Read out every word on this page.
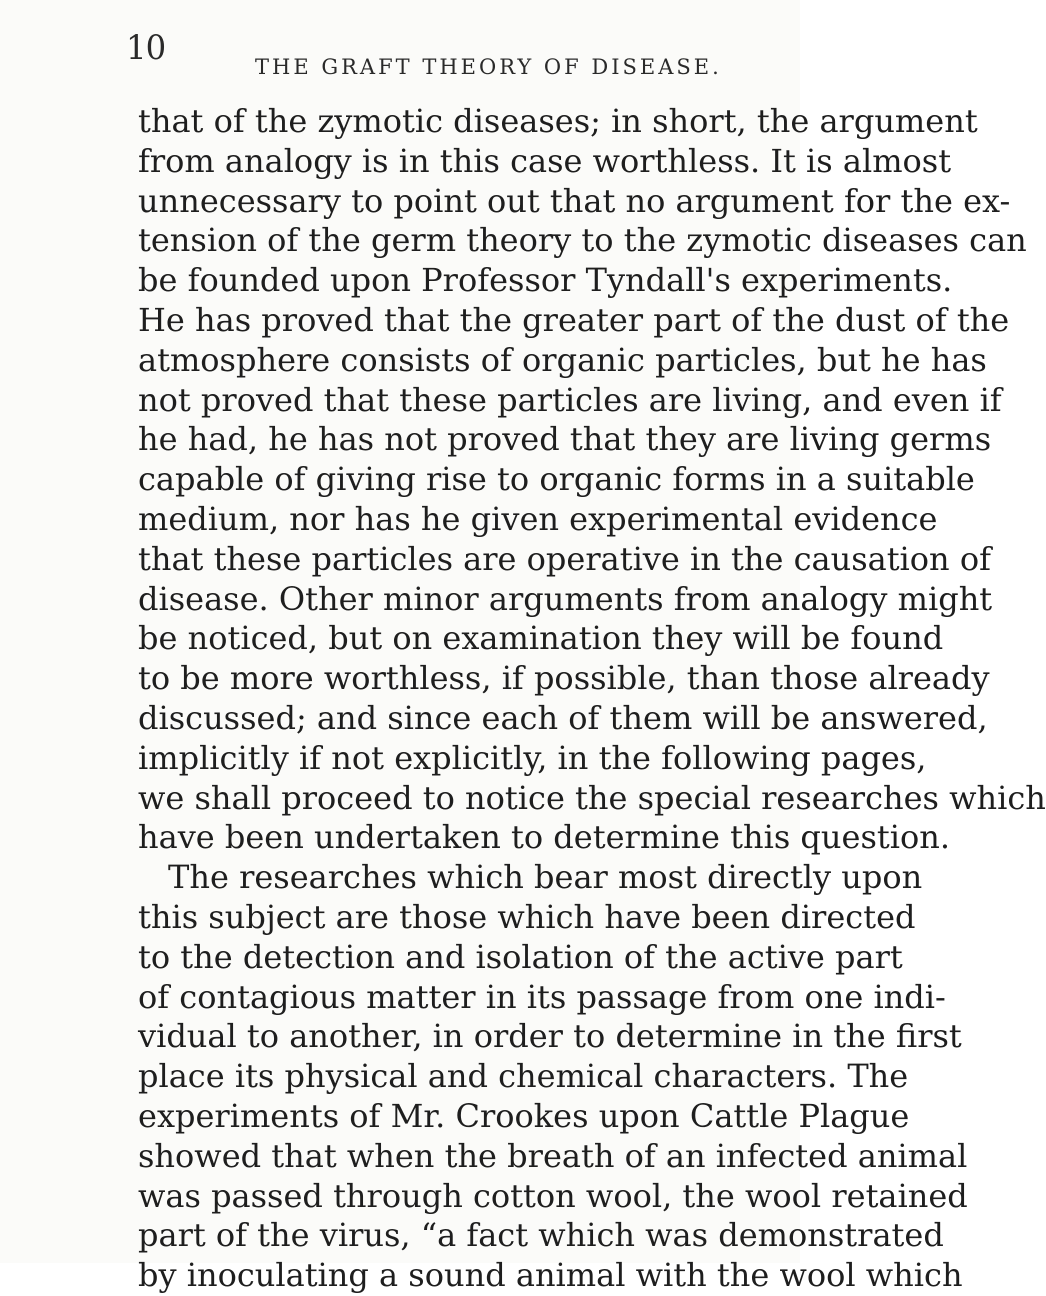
10	THE GRAFT THEORY OF DISEASE.
that of the zymotic diseases; in short, the argument
from analogy is in this case worthless. It is almost
unnecessary to point out that no argument for the ex-
tension of the germ theory to the zymotic diseases can
be founded upon Professor Tyndall's experiments.
He has proved that the greater part of the dust of the
atmosphere consists of organic particles, but he has
not proved that these particles are living, and even if
he had, he has not proved that they are living germs
capable of giving rise to organic forms in a suitable
medium, nor has he given experimental evidence
that these particles are operative in the causation of
disease. Other minor arguments from analogy might
be noticed, but on examination they will be found
to be more worthless, if possible, than those already
discussed; and since each of them will be answered,
implicitly if not explicitly, in the following pages,
we shall proceed to notice the special researches which
have been undertaken to determine this question.
The researches which bear most directly upon
this subject are those which have been directed
to the detection and isolation of the active part
of contagious matter in its passage from one indi-
vidual to another, in order to determine in the first
place its physical and chemical characters. The
experiments of Mr. Crookes upon Cattle Plague
showed that when the breath of an infected animal
was passed through cotton wool, the wool retained
part of the virus, “a fact which was demonstrated
by inoculating a sound animal with the wool which
